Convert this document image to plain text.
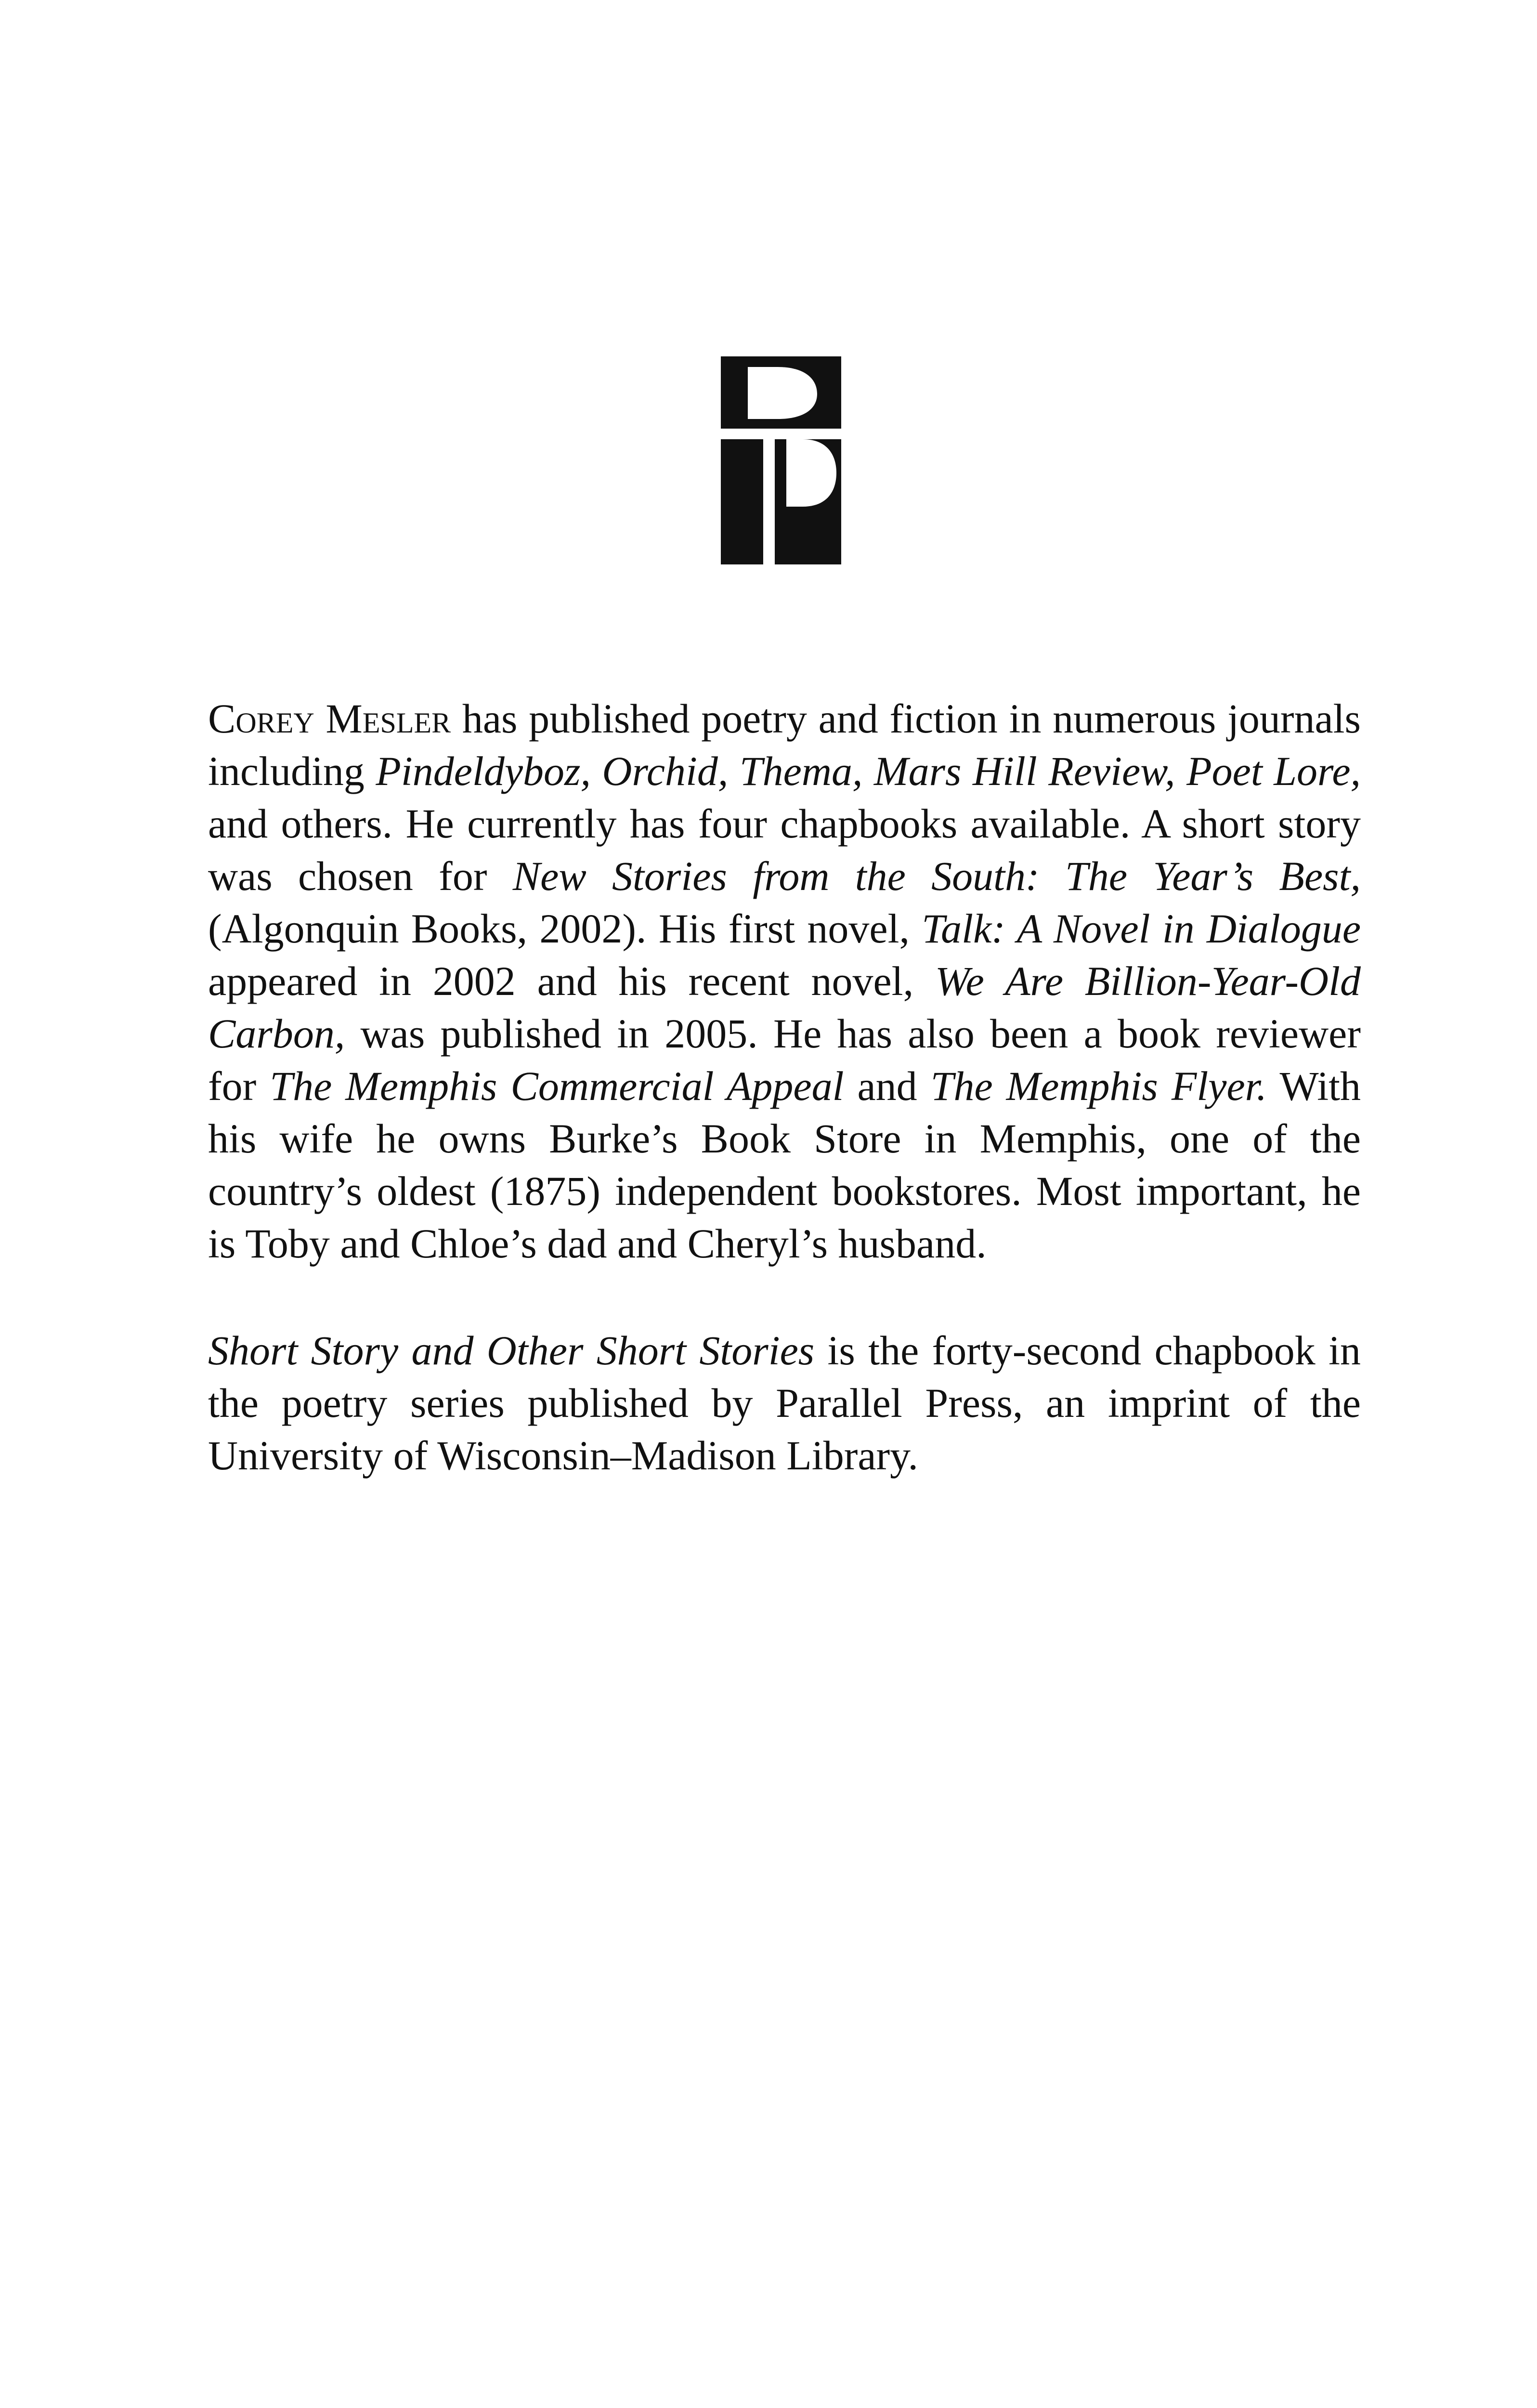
Corey Mesler has published poetry and fiction in numerous journals including Pindeldyboz, Orchid, Thema, Mars Hill Review, Poet Lore, and others. He currently has four chapbooks available. A short story was chosen for New Stories from the South: The Year’s Best, (Algonquin Books, 2002). His first novel, Talk: A Novel in Dialogue appeared in 2002 and his recent novel, We Are Billion-Year-Old Carbon, was published in 2005. He has also been a book reviewer for The Memphis Commercial Appeal and The Memphis Flyer. With his wife he owns Burke’s Book Store in Memphis, one of the country’s oldest (1875) independent bookstores. Most important, he is Toby and Chloe’s dad and Cheryl’s husband.

Short Story and Other Short Stories is the forty-second chapbook in the poetry series published by Parallel Press, an imprint of the University of Wisconsin–Madison Library.
